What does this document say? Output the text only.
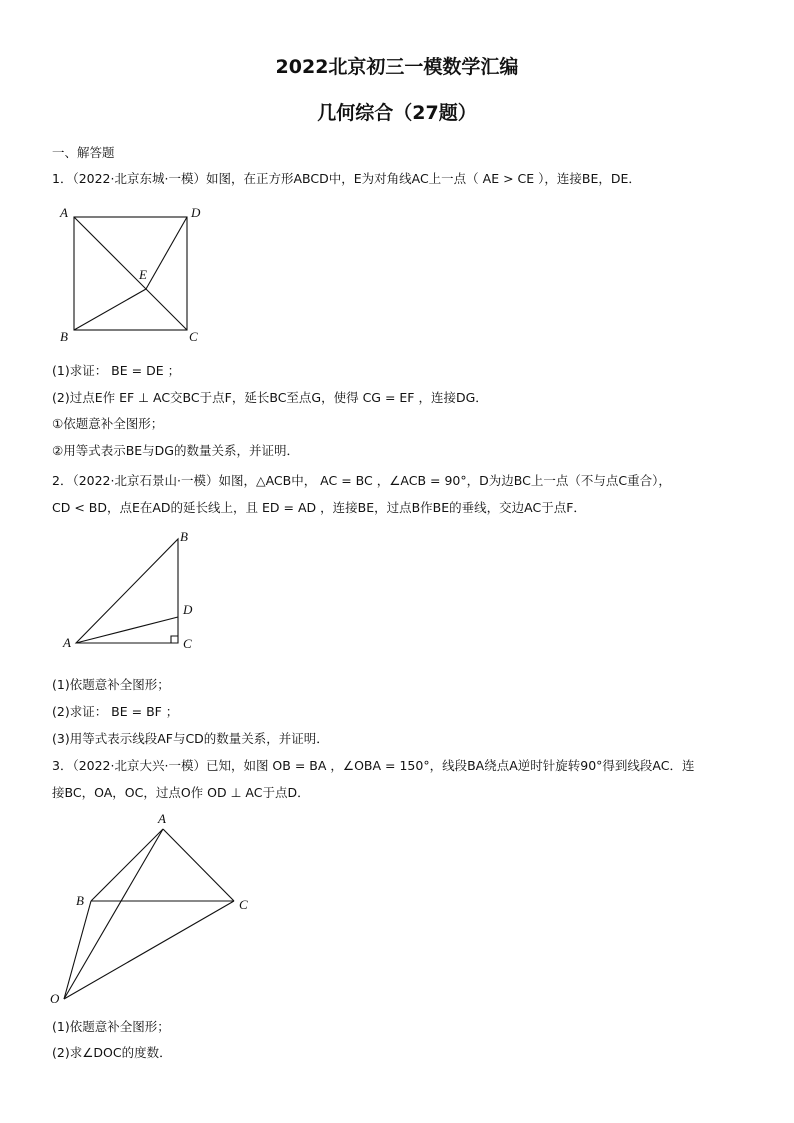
2022北京初三一模数学汇编
几何综合（27题）
一、解答题
1．（2022·北京东城·一模）如图，在正方形ABCD中，E为对角线AC上一点（ AE > CE ），连接BE，DE．
A	D
E
B	C
B
D
A	C
A
B	C
O
(1)求证： BE = DE ；
(2)过点E作 EF ⊥ AC交BC于点F，延长BC至点G，使得 CG = EF ，连接DG．
①依题意补全图形；
②用等式表示BE与DG的数量关系，并证明．
2．（2022·北京石景山·一模）如图，△ACB中， AC = BC ，∠ACB = 90°，D为边BC上一点（不与点C重合），
CD < BD，点E在AD的延长线上，且 ED = AD ，连接BE，过点B作BE的垂线，交边AC于点F．
(1)依题意补全图形；
(2)求证： BE = BF ；
(3)用等式表示线段AF与CD的数量关系，并证明．
3．（2022·北京大兴·一模）已知，如图 OB = BA ，∠OBA = 150°，线段BA绕点A逆时针旋转90°得到线段AC．连
接BC，OA，OC，过点O作 OD ⊥ AC于点D．
(1)依题意补全图形；
(2)求∠DOC的度数．
